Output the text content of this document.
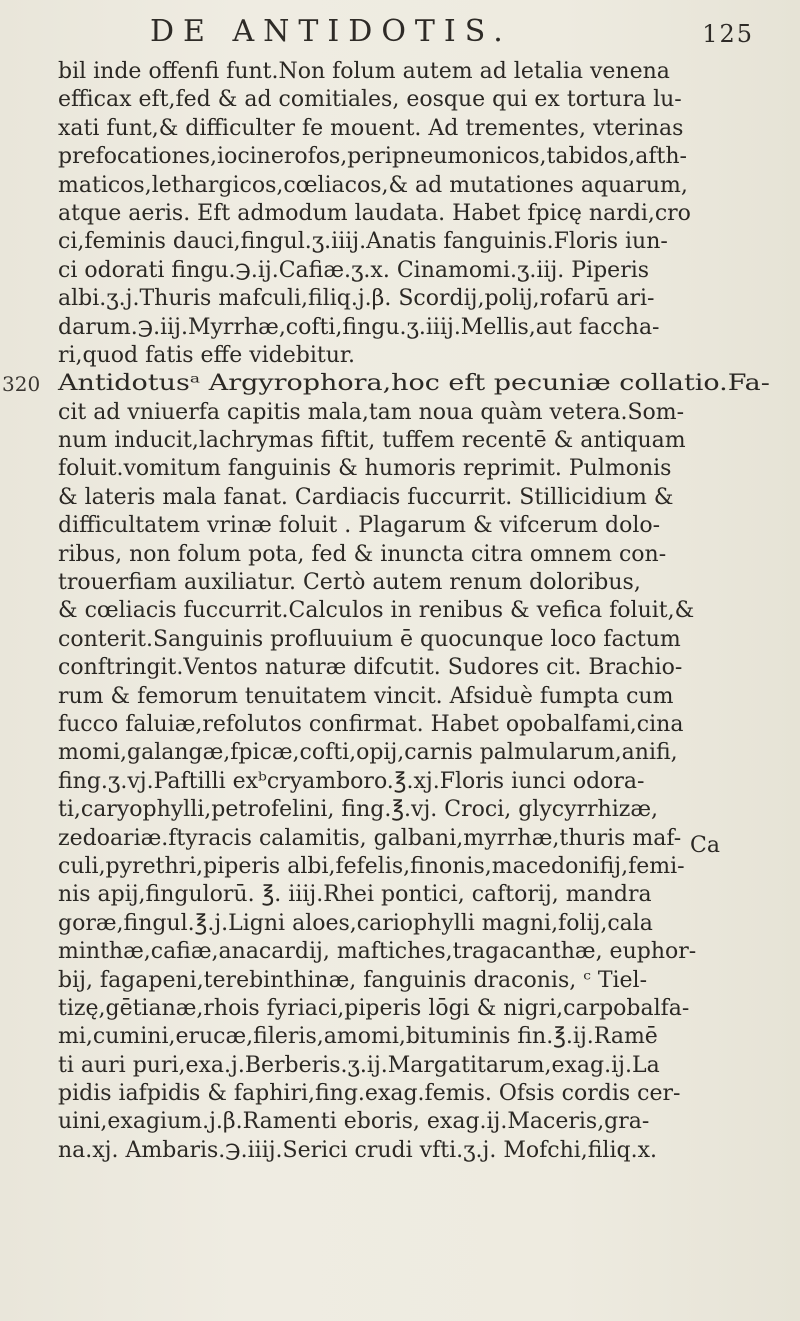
DE ANTIDOTIS.	125
bil inde offenfi funt.Non folum autem ad letalia venena
efficax eft,fed & ad comitiales, eosque qui ex tortura lu-
xati funt,& difficulter fe mouent. Ad trementes, vterinas
prefocationes,iocinerofos,peripneumonicos,tabidos,afth-
maticos,lethargicos,cœliacos,& ad mutationes aquarum,
atque aeris. Eft admodum laudata. Habet fpicę nardi,cro
ci,feminis dauci,fingul.ʒ.iiij.Anatis fanguinis.Floris iun-
ci odorati fingu.℈.ij.Cafiæ.ʒ.x. Cinamomi.ʒ.iij. Piperis
albi.ʒ.j.Thuris mafculi,filiq.j.β. Scordij,polij,rofarū ari-
darum.℈.iij.Myrrhæ,cofti,fingu.ʒ.iiij.Mellis,aut faccha-
ri,quod fatis effe videbitur.
320 Antidotusᵃ Argyrophora,hoc eft pecuniæ collatio.Fa-
cit ad vniuerfa capitis mala,tam noua quàm vetera.Som-
num inducit,lachrymas fiftit, tuffem recentē & antiquam
foluit.vomitum fanguinis & humoris reprimit. Pulmonis
& lateris mala fanat. Cardiacis fuccurrit. Stillicidium &
difficultatem vrinæ foluit . Plagarum & vifcerum dolo-
ribus, non folum pota, fed & inuncta citra omnem con-
trouerfiam auxiliatur. Certò autem renum doloribus,
& cœliacis fuccurrit.Calculos in renibus & vefica foluit,&
conterit.Sanguinis profluuium ē quocunque loco factum
conftringit.Ventos naturæ difcutit. Sudores cit. Brachio-
rum & femorum tenuitatem vincit. Afsiduè fumpta cum
fucco faluiæ,refolutos confirmat. Habet opobalfami,cina
momi,galangæ,fpicæ,cofti,opij,carnis palmularum,anifi,
fing.ʒ.vj.Paftilli exᵇcryamboro.℥.xj.Floris iunci odora-
ti,caryophylli,petrofelini, fing.℥.vj. Croci, glycyrrhizæ,
zedoariæ.ftyracis calamitis, galbani,myrrhæ,thuris maf-
culi,pyrethri,piperis albi,fefelis,finonis,macedonifij,femi-
nis apij,fingulorū. ℥. iiij.Rhei pontici, caftorij, mandra
goræ,fingul.℥.j.Ligni aloes,cariophylli magni,folij,cala
minthæ,cafiæ,anacardij, maftiches,tragacanthæ, euphor-
bij, fagapeni,terebinthinæ, fanguinis draconis, ᶜ Tiel-
tizę,gētianæ,rhois fyriaci,piperis lōgi & nigri,carpobalfa-
mi,cumini,erucæ,fileris,amomi,bituminis fin.℥.ij.Ramē
ti auri puri,exa.j.Berberis.ʒ.ij.Margatitarum,exag.ij.La
pidis iafpidis & faphiri,fing.exag.femis. Ofsis cordis cer-
uini,exagium.j.β.Ramenti eboris, exag.ij.Maceris,gra-
na.xj. Ambaris.℈.iiij.Serici crudi vfti.ʒ.j. Mofchi,filiq.x.
Ca
